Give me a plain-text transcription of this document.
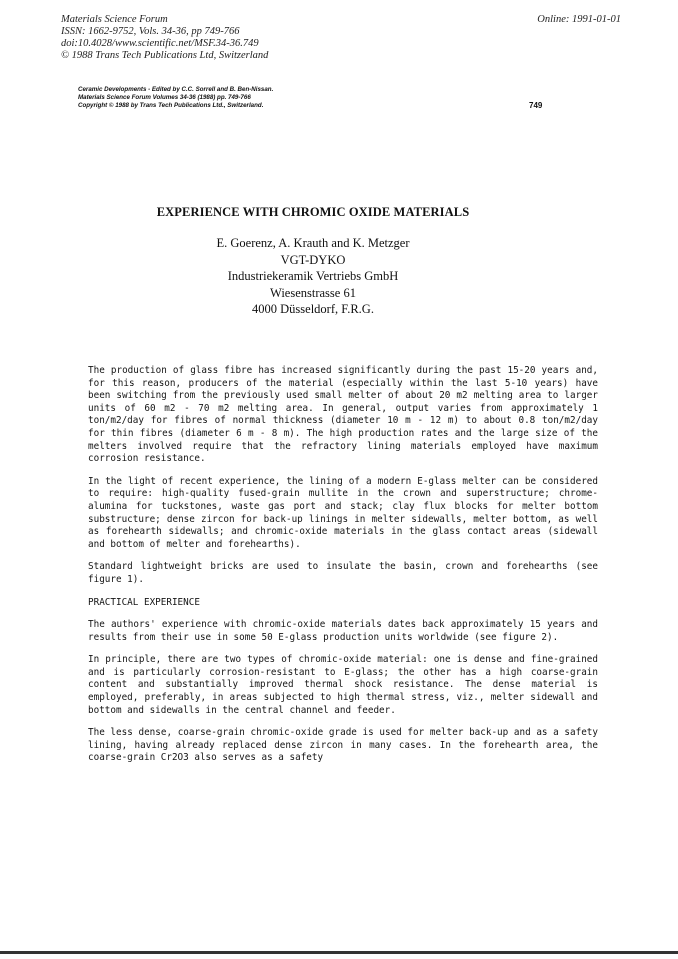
Materials Science Forum
ISSN: 1662-9752, Vols. 34-36, pp 749-766
doi:10.4028/www.scientific.net/MSF.34-36.749
© 1988 Trans Tech Publications Ltd, Switzerland
Online: 1991-01-01
Ceramic Developments - Edited by C.C. Sorrell and B. Ben-Nissan.
Materials Science Forum Volumes 34-36 (1988) pp. 749-766
Copyright © 1988 by Trans Tech Publications Ltd., Switzerland.	749
EXPERIENCE WITH CHROMIC OXIDE MATERIALS
E. Goerenz, A. Krauth and K. Metzger
VGT-DYKO
Industriekeramik Vertriebs GmbH
Wiesenstrasse 61
4000 Düsseldorf, F.R.G.

The production of glass fibre has increased significantly during the past 15-20 years and, for this reason, producers of the material (especially within the last 5-10 years) have been switching from the previously used small melter of about 20 m2 melting area to larger units of 60 m2 - 70 m2 melting area. In general, output varies from approximately 1 ton/m2/day for fibres of normal thickness (diameter 10 m - 12 m) to about 0.8 ton/m2/day for thin fibres (diameter 6 m - 8 m). The high production rates and the large size of the melters involved require that the refractory lining materials employed have maximum corrosion resistance.

In the light of recent experience, the lining of a modern E-glass melter can be considered to require: high-quality fused-grain mullite in the crown and superstructure; chrome-alumina for tuckstones, waste gas port and stack; clay flux blocks for melter bottom substructure; dense zircon for back-up linings in melter sidewalls, melter bottom, as well as forehearth sidewalls; and chromic-oxide materials in the glass contact areas (sidewall and bottom of melter and forehearths).

Standard lightweight bricks are used to insulate the basin, crown and forehearths (see figure 1).

PRACTICAL EXPERIENCE

The authors' experience with chromic-oxide materials dates back approximately 15 years and results from their use in some 50 E-glass production units worldwide (see figure 2).

In principle, there are two types of chromic-oxide material: one is dense and fine-grained and is particularly corrosion-resistant to E-glass; the other has a high coarse-grain content and substantially improved thermal shock resistance. The dense material is employed, preferably, in areas subjected to high thermal stress, viz., melter sidewall and bottom and sidewalls in the central channel and feeder.

The less dense, coarse-grain chromic-oxide grade is used for melter back-up and as a safety lining, having already replaced dense zircon in many cases. In the forehearth area, the coarse-grain Cr2O3 also serves as a safety
